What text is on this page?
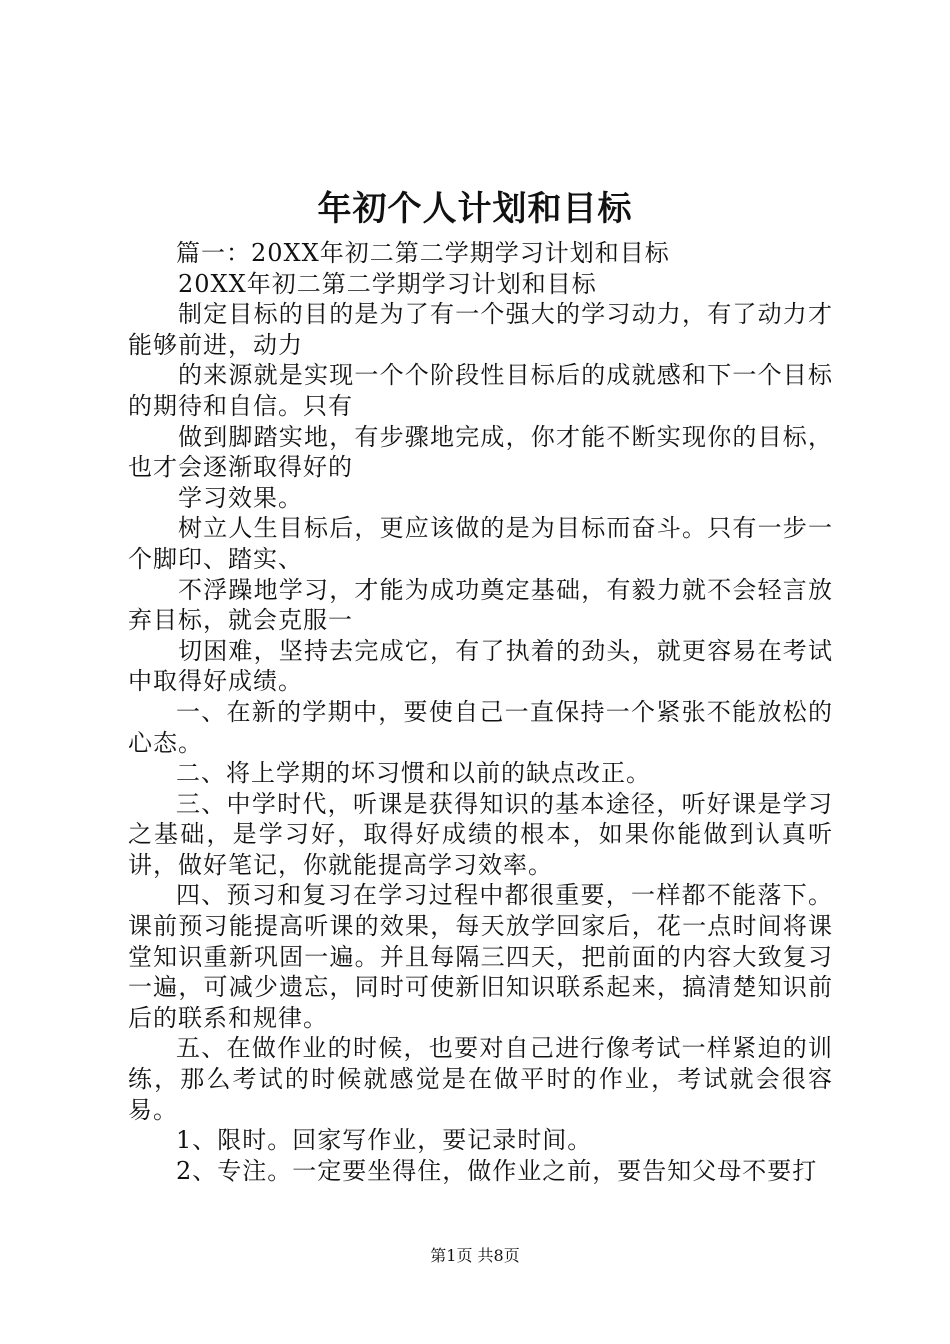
年初个人计划和目标

篇一：20XX年初二第二学期学习计划和目标

20XX年初二第二学期学习计划和目标

制定目标的目的是为了有一个强大的学习动力，有了动力才能够前进，动力

的来源就是实现一个个阶段性目标后的成就感和下一个目标的期待和自信。只有

做到脚踏实地，有步骤地完成，你才能不断实现你的目标，也才会逐渐取得好的

学习效果。

树立人生目标后，更应该做的是为目标而奋斗。只有一步一个脚印、踏实、

不浮躁地学习，才能为成功奠定基础，有毅力就不会轻言放弃目标，就会克服一

切困难，坚持去完成它，有了执着的劲头，就更容易在考试中取得好成绩。

一、在新的学期中，要使自己一直保持一个紧张不能放松的心态。

二、将上学期的坏习惯和以前的缺点改正。

三、中学时代，听课是获得知识的基本途径，听好课是学习之基础，是学习好，取得好成绩的根本，如果你能做到认真听讲，做好笔记，你就能提高学习效率。

四、预习和复习在学习过程中都很重要，一样都不能落下。课前预习能提高听课的效果，每天放学回家后，花一点时间将课堂知识重新巩固一遍。并且每隔三四天，把前面的内容大致复习一遍，可减少遗忘，同时可使新旧知识联系起来，搞清楚知识前后的联系和规律。

五、在做作业的时候，也要对自己进行像考试一样紧迫的训练，那么考试的时候就感觉是在做平时的作业，考试就会很容易。

1、限时。回家写作业，要记录时间。

2、专注。一定要坐得住，做作业之前，要告知父母不要打

第1页 共8页
